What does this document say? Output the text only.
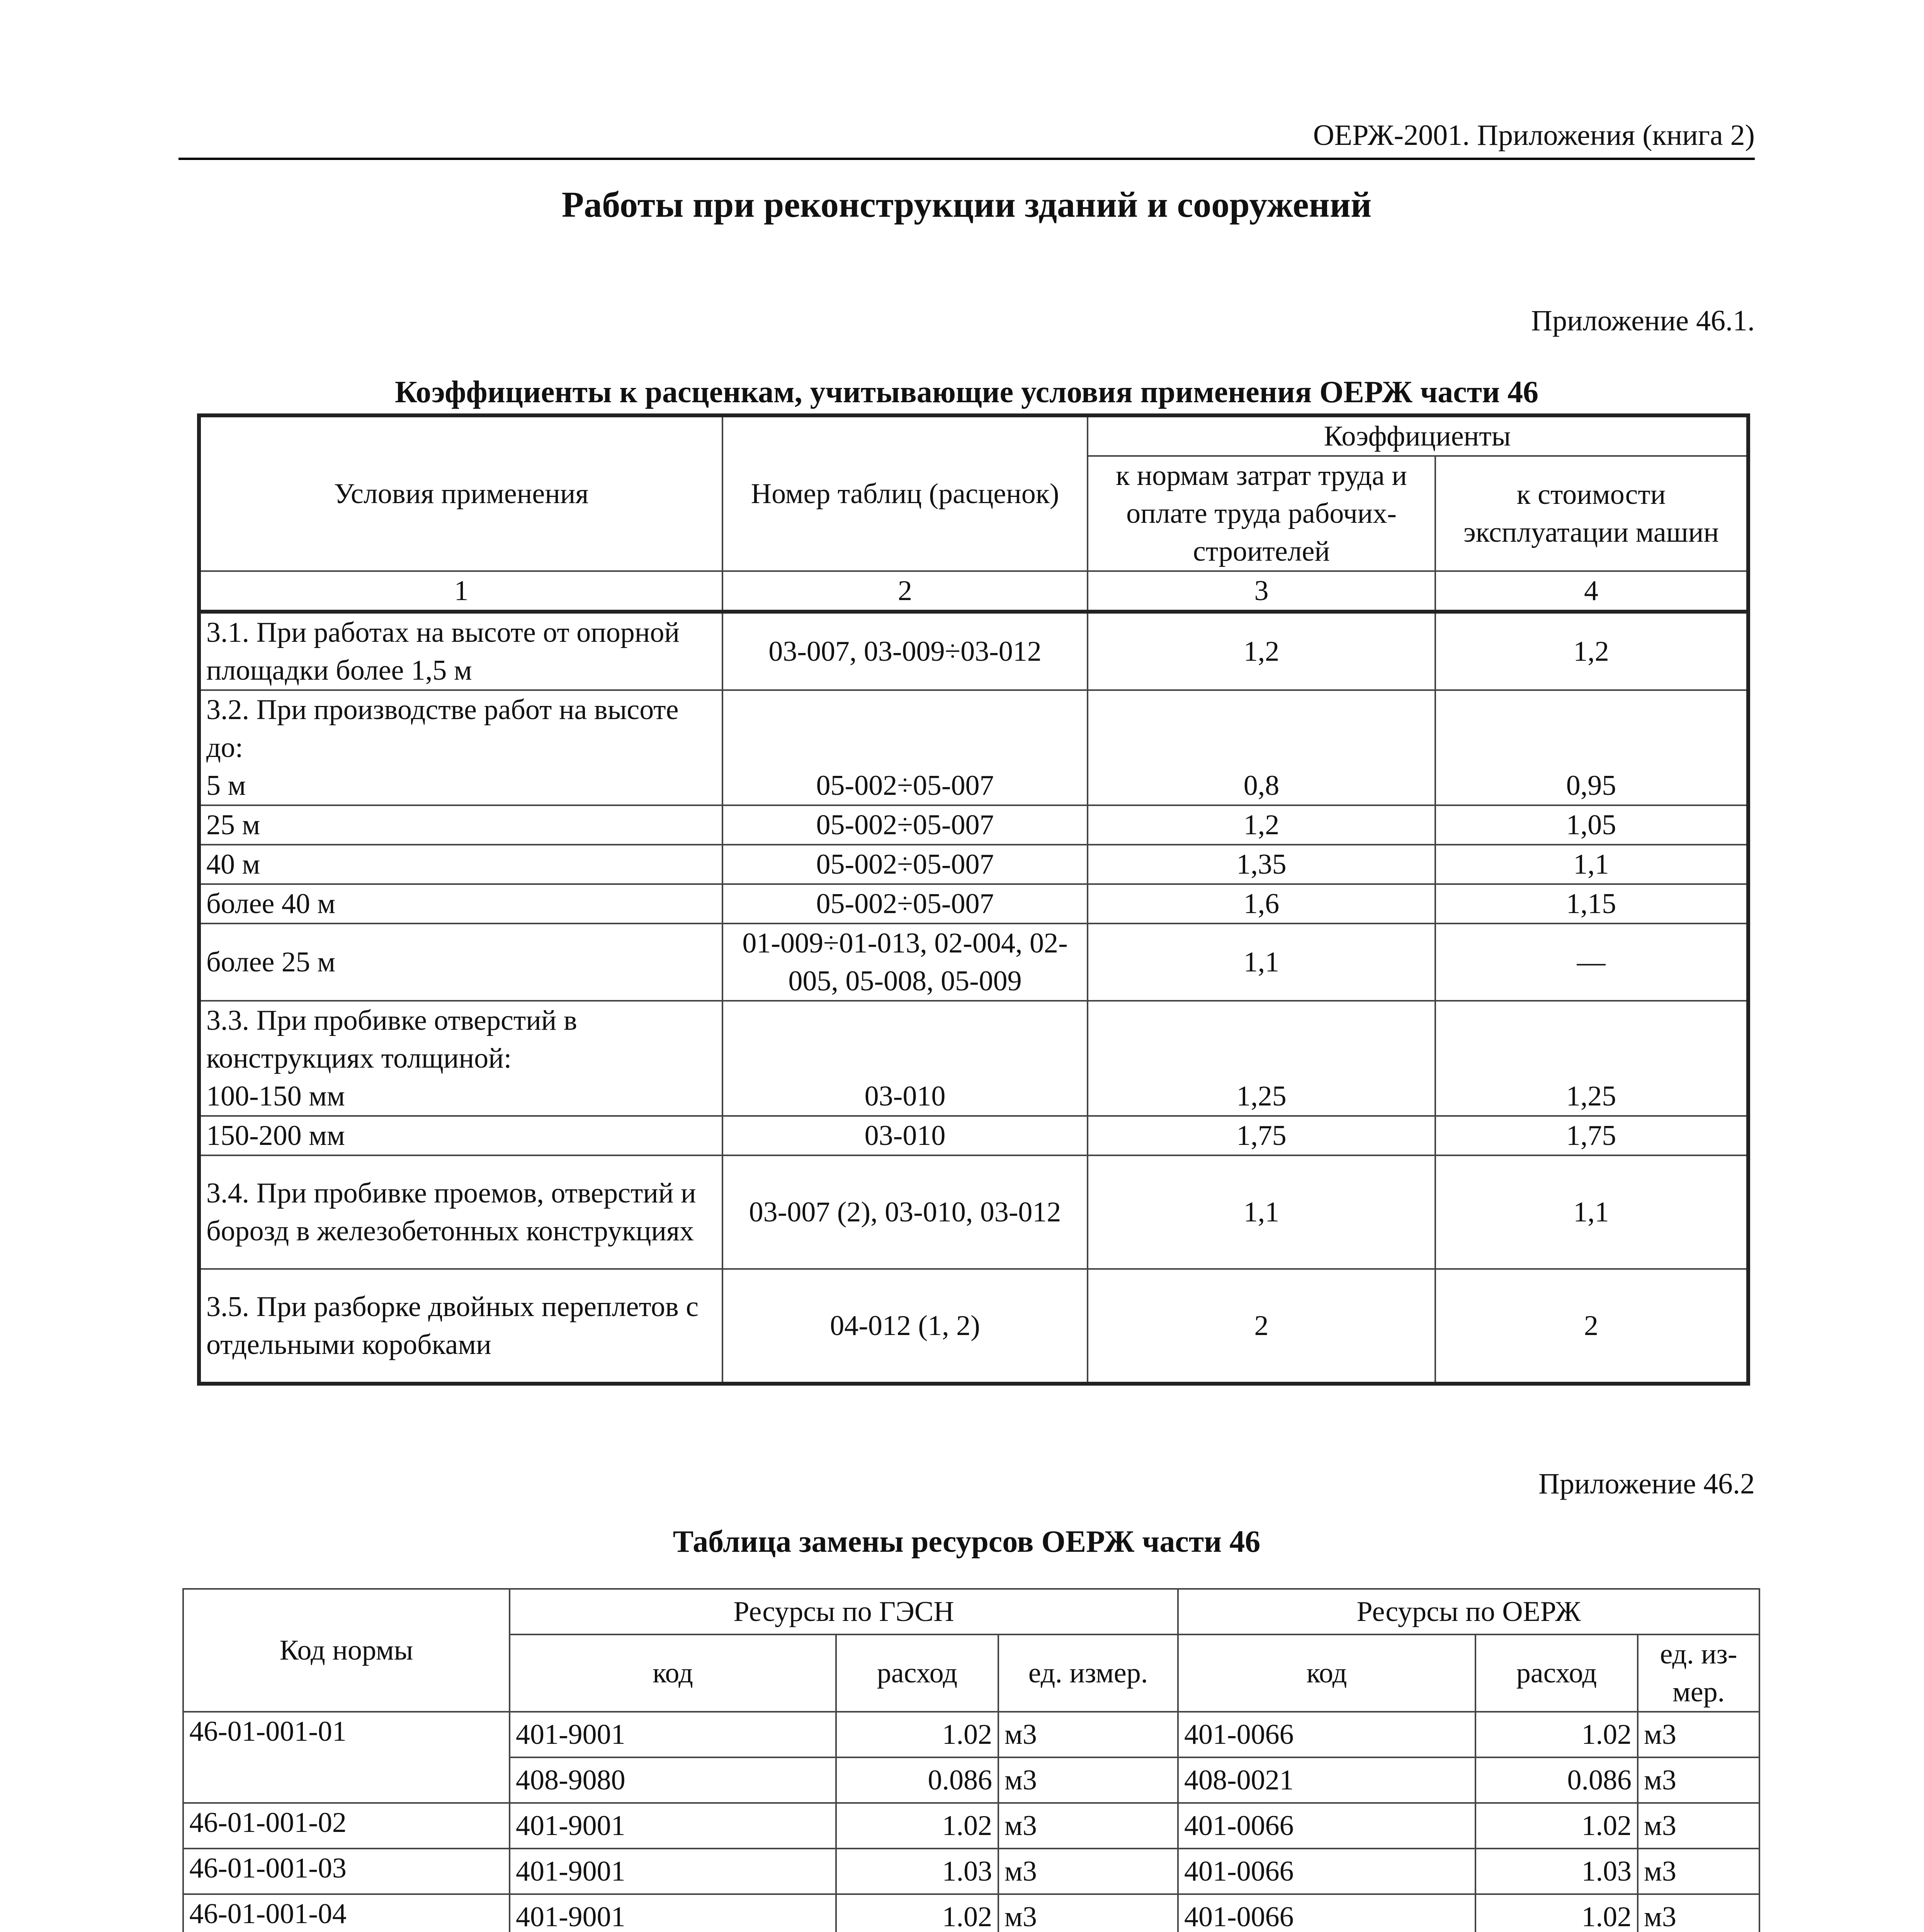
ОЕРЖ-2001. Приложения (книга 2)
Работы при реконструкции зданий и сооружений
Приложение 46.1.
Коэффициенты к расценкам, учитывающие условия применения ОЕРЖ части 46
Условия применения	Номер таблиц (расценок)	Коэффициенты	
		к нормам затрат труда и оплате труда рабочих-строителей	к стоимости эксплуатации машин
1	2	3	4
3.1. При работах на высоте от опорной площадки более 1,5 м	03-007, 03-009÷03-012	1,2	1,2
3.2. При производстве работ на высоте до:
5 м	05-002÷05-007	0,8	0,95
25 м	05-002÷05-007	1,2	1,05
40 м	05-002÷05-007	1,35	1,1
более 40 м	05-002÷05-007	1,6	1,15
более 25 м	01-009÷01-013, 02-004, 02-005, 05-008, 05-009	1,1	—
3.3. При пробивке отверстий в конструкциях толщиной:
100-150 мм	03-010	1,25	1,25
150-200 мм	03-010	1,75	1,75
3.4. При пробивке проемов, отверстий и борозд в железобетонных конструкциях	03-007 (2), 03-010, 03-012	1,1	1,1
3.5. При разборке двойных переплетов с отдельными коробками	04-012 (1, 2)	2	2
Приложение 46.2
Таблица замены ресурсов ОЕРЖ части 46
Код нормы	Ресурсы по ГЭСН			Ресурсы по ОЕРЖ		
	код	расход	ед. измер.	код	расход	ед. из-мер.
46-01-001-01	401-9001	1.02	м3	401-0066	1.02	м3
	408-9080	0.086	м3	408-0021	0.086	м3
46-01-001-02	401-9001	1.02	м3	401-0066	1.02	м3
46-01-001-03	401-9001	1.03	м3	401-0066	1.03	м3
46-01-001-04	401-9001	1.02	м3	401-0066	1.02	м3
